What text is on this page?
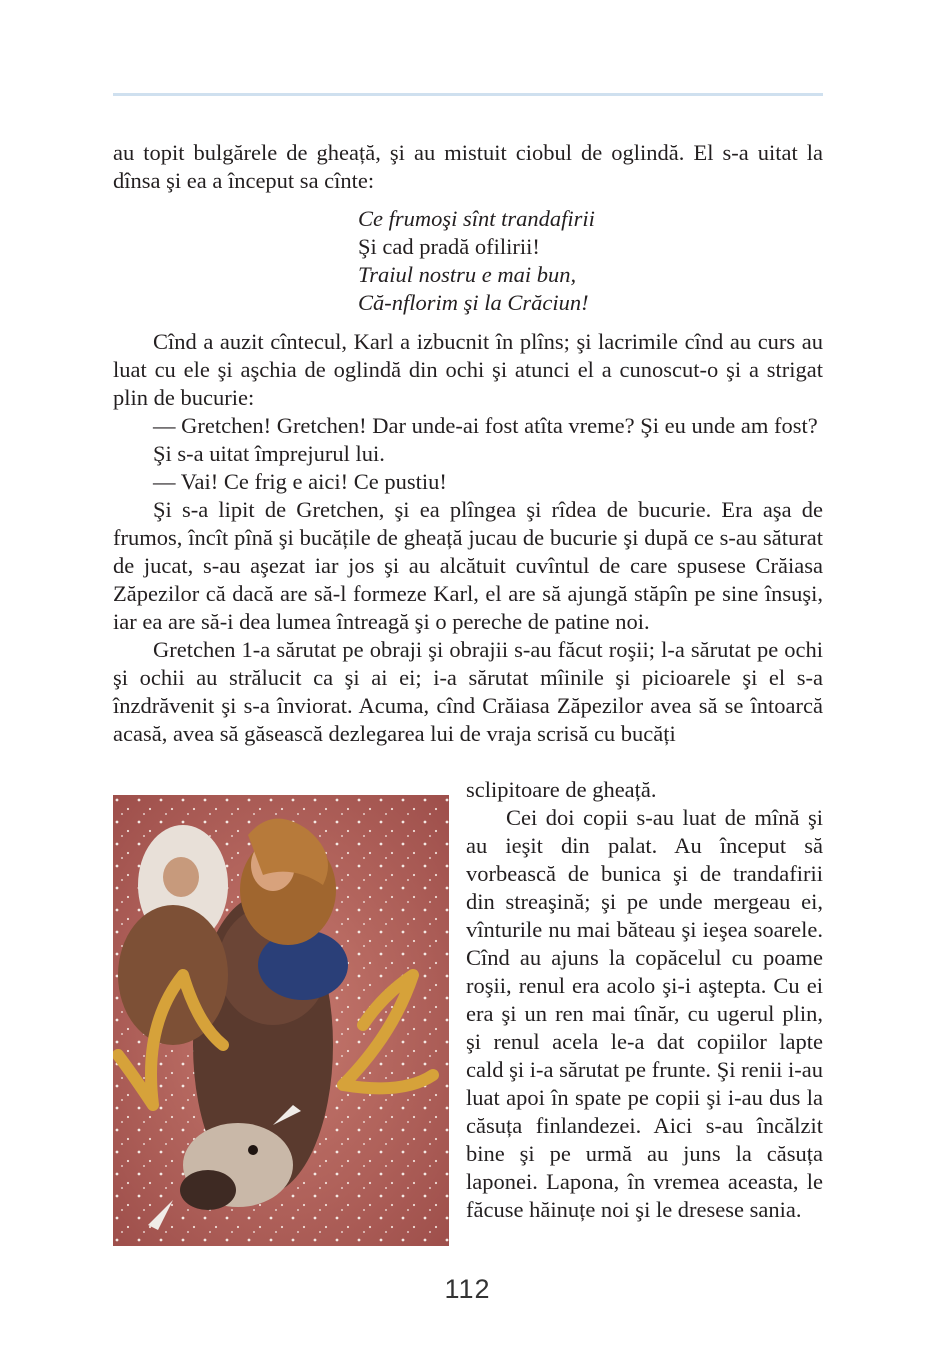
au topit bulgărele de gheață, şi au mistuit ciobul de oglindă. El s-a uitat la dînsa şi ea a început sa cînte:

Ce frumoşi sînt trandafirii
Şi cad pradă ofilirii!
Traiul nostru e mai bun,
Că-nflorim şi la Crăciun!

Cînd a auzit cîntecul, Karl a izbucnit în plîns; şi lacrimile cînd au curs au luat cu ele şi aşchia de oglindă din ochi şi atunci el a cunoscut-o şi a strigat plin de bucurie:

— Gretchen! Gretchen! Dar unde-ai fost atîta vreme? Şi eu unde am fost?

Şi s-a uitat împrejurul lui.

— Vai! Ce frig e aici! Ce pustiu!

Şi s-a lipit de Gretchen, şi ea plîngea şi rîdea de bucurie. Era aşa de frumos, încît pînă şi bucățile de gheață jucau de bucurie şi după ce s-au săturat de jucat, s-au aşezat iar jos şi au alcătuit cuvîntul de care spusese Crăiasa Zăpezilor că dacă are să-l formeze Karl, el are să ajungă stăpîn pe sine însuşi, iar ea are să-i dea lumea întreagă şi o pereche de patine noi.

Gretchen 1-a sărutat pe obraji şi obrajii s-au făcut roşii; l-a sărutat pe ochi şi ochii au strălucit ca şi ai ei; i-a sărutat mîinile şi picioarele şi el s-a înzdrăvenit şi s-a înviorat. Acuma, cînd Crăiasa Zăpezilor avea să se întoarcă acasă, avea să găsească dezlegarea lui de vraja scrisă cu bucăți

sclipitoare de gheață.

Cei doi copii s-au luat de mînă şi au ieşit din palat. Au început să vorbească de bunica şi de trandafirii din streaşină; şi pe unde mergeau ei, vînturile nu mai băteau şi ieşea soarele. Cînd au ajuns la copăcelul cu poame roşii, renul era acolo şi-i aştepta. Cu ei era şi un ren mai tînăr, cu ugerul plin, şi renul acela le-a dat copiilor lapte cald şi i-a sărutat pe frunte. Şi renii i-au luat apoi în spate pe copii şi i-au dus la căsuța finlandezei. Aici s-au încălzit bine şi pe urmă au juns la căsuța laponei. Lapona, în vremea aceasta, le făcuse hăinuțe noi şi le dresese sania.

112
